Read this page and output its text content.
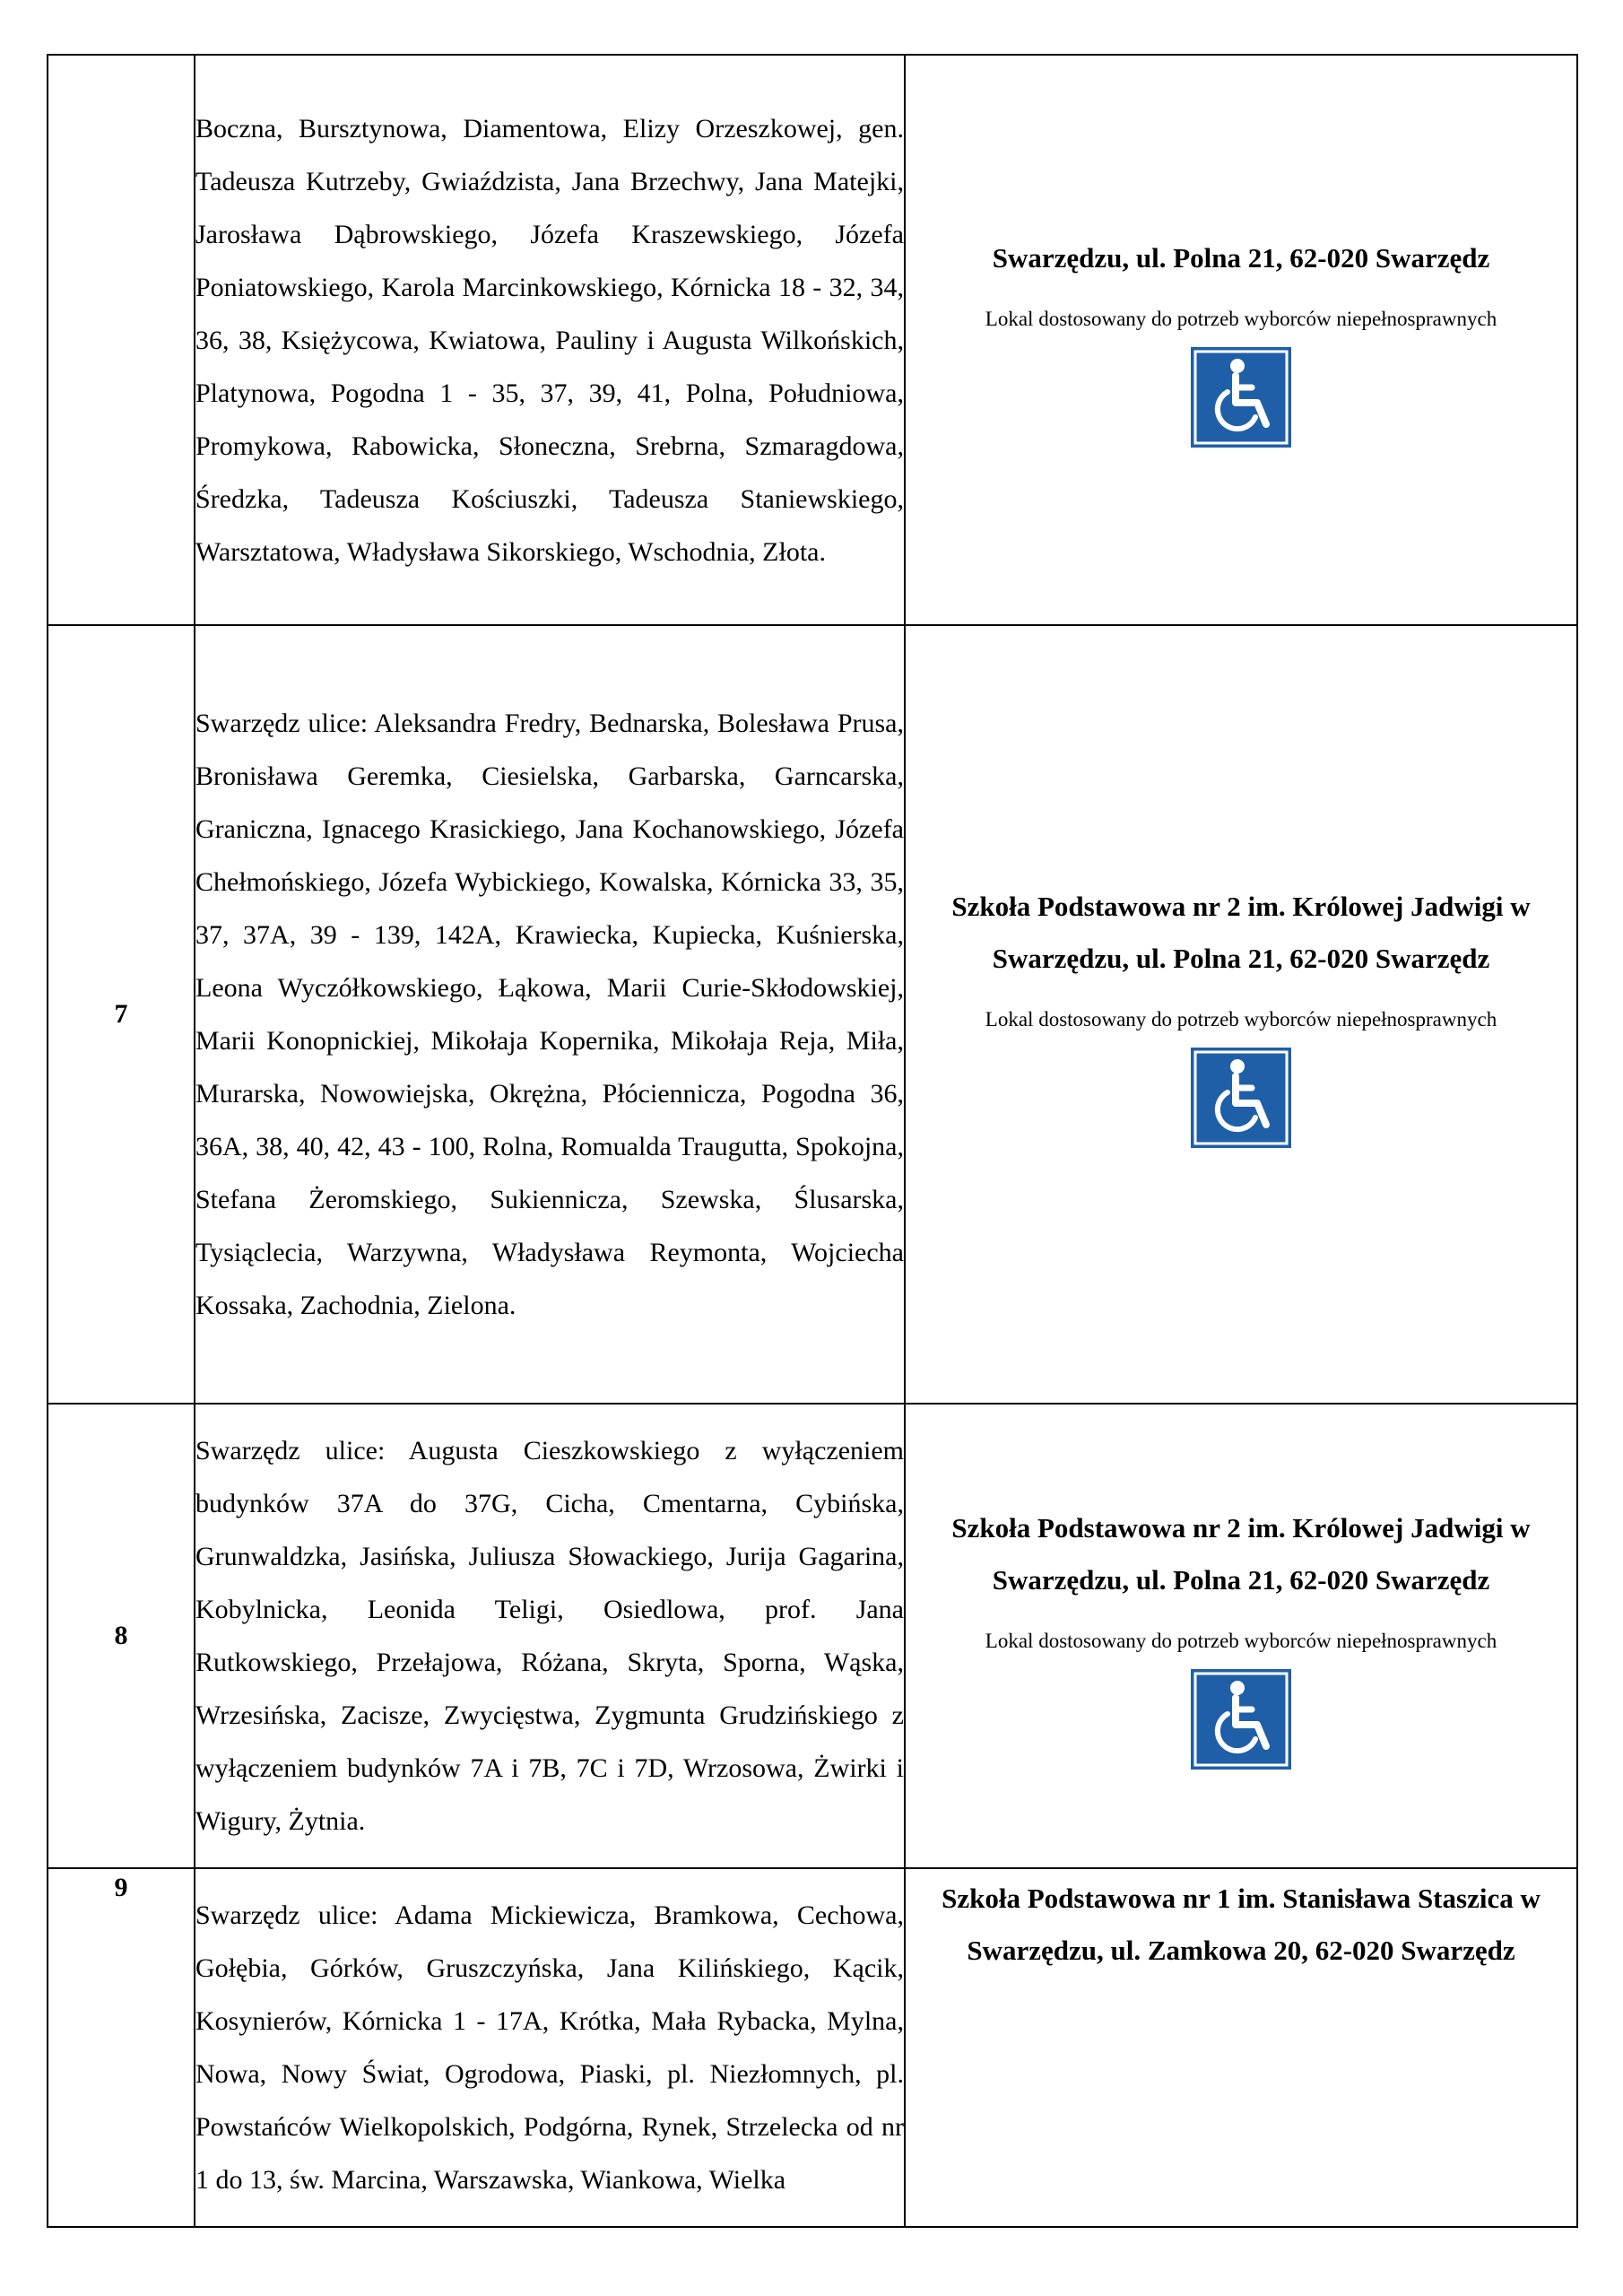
	Boczna, Bursztynowa, Diamentowa, Elizy Orzeszkowej, gen. Tadeusza Kutrzeby, Gwiaździsta, Jana Brzechwy, Jana Matejki, Jarosława Dąbrowskiego, Józefa Kraszewskiego, Józefa Poniatowskiego, Karola Marcinkowskiego, Kórnicka 18 - 32, 34, 36, 38, Księżycowa, Kwiatowa, Pauliny i Augusta Wilkońskich, Platynowa, Pogodna 1 - 35, 37, 39, 41, Polna, Południowa, Promykowa, Rabowicka, Słoneczna, Srebrna, Szmaragdowa, Średzka, Tadeusza Kościuszki, Tadeusza Staniewskiego, Warsztatowa, Władysława Sikorskiego, Wschodnia, Złota.	Swarzędzu, ul. Polna 21, 62-020 Swarzędz
Lokal dostosowany do potrzeb wyborców niepełnosprawnych

7	Swarzędz ulice: Aleksandra Fredry, Bednarska, Bolesława Prusa, Bronisława Geremka, Ciesielska, Garbarska, Garncarska, Graniczna, Ignacego Krasickiego, Jana Kochanowskiego, Józefa Chełmońskiego, Józefa Wybickiego, Kowalska, Kórnicka 33, 35, 37, 37A, 39 - 139, 142A, Krawiecka, Kupiecka, Kuśnierska, Leona Wyczółkowskiego, Łąkowa, Marii Curie-Skłodowskiej, Marii Konopnickiej, Mikołaja Kopernika, Mikołaja Reja, Miła, Murarska, Nowowiejska, Okrężna, Płóciennicza, Pogodna 36, 36A, 38, 40, 42, 43 - 100, Rolna, Romualda Traugutta, Spokojna, Stefana Żeromskiego, Sukiennicza, Szewska, Ślusarska, Tysiąclecia, Warzywna, Władysława Reymonta, Wojciecha Kossaka, Zachodnia, Zielona.	Szkoła Podstawowa nr 2 im. Królowej Jadwigi w Swarzędzu, ul. Polna 21, 62-020 Swarzędz
Lokal dostosowany do potrzeb wyborców niepełnosprawnych

8	Swarzędz ulice: Augusta Cieszkowskiego z wyłączeniem budynków 37A do 37G, Cicha, Cmentarna, Cybińska, Grunwaldzka, Jasińska, Juliusza Słowackiego, Jurija Gagarina, Kobylnicka, Leonida Teligi, Osiedlowa, prof. Jana Rutkowskiego, Przełajowa, Różana, Skryta, Sporna, Wąska, Wrzesińska, Zacisze, Zwycięstwa, Zygmunta Grudzińskiego z wyłączeniem budynków 7A i 7B, 7C i 7D, Wrzosowa, Żwirki i Wigury, Żytnia.	Szkoła Podstawowa nr 2 im. Królowej Jadwigi w Swarzędzu, ul. Polna 21, 62-020 Swarzędz
Lokal dostosowany do potrzeb wyborców niepełnosprawnych

9	Swarzędz ulice: Adama Mickiewicza, Bramkowa, Cechowa, Gołębia, Górków, Gruszczyńska, Jana Kilińskiego, Kącik, Kosynierów, Kórnicka 1 - 17A, Krótka, Mała Rybacka, Mylna, Nowa, Nowy Świat, Ogrodowa, Piaski, pl. Niezłomnych, pl. Powstańców Wielkopolskich, Podgórna, Rynek, Strzelecka od nr 1 do 13, św. Marcina, Warszawska, Wiankowa, Wielka	Szkoła Podstawowa nr 1 im. Stanisława Staszica w Swarzędzu, ul. Zamkowa 20, 62-020 Swarzędz
